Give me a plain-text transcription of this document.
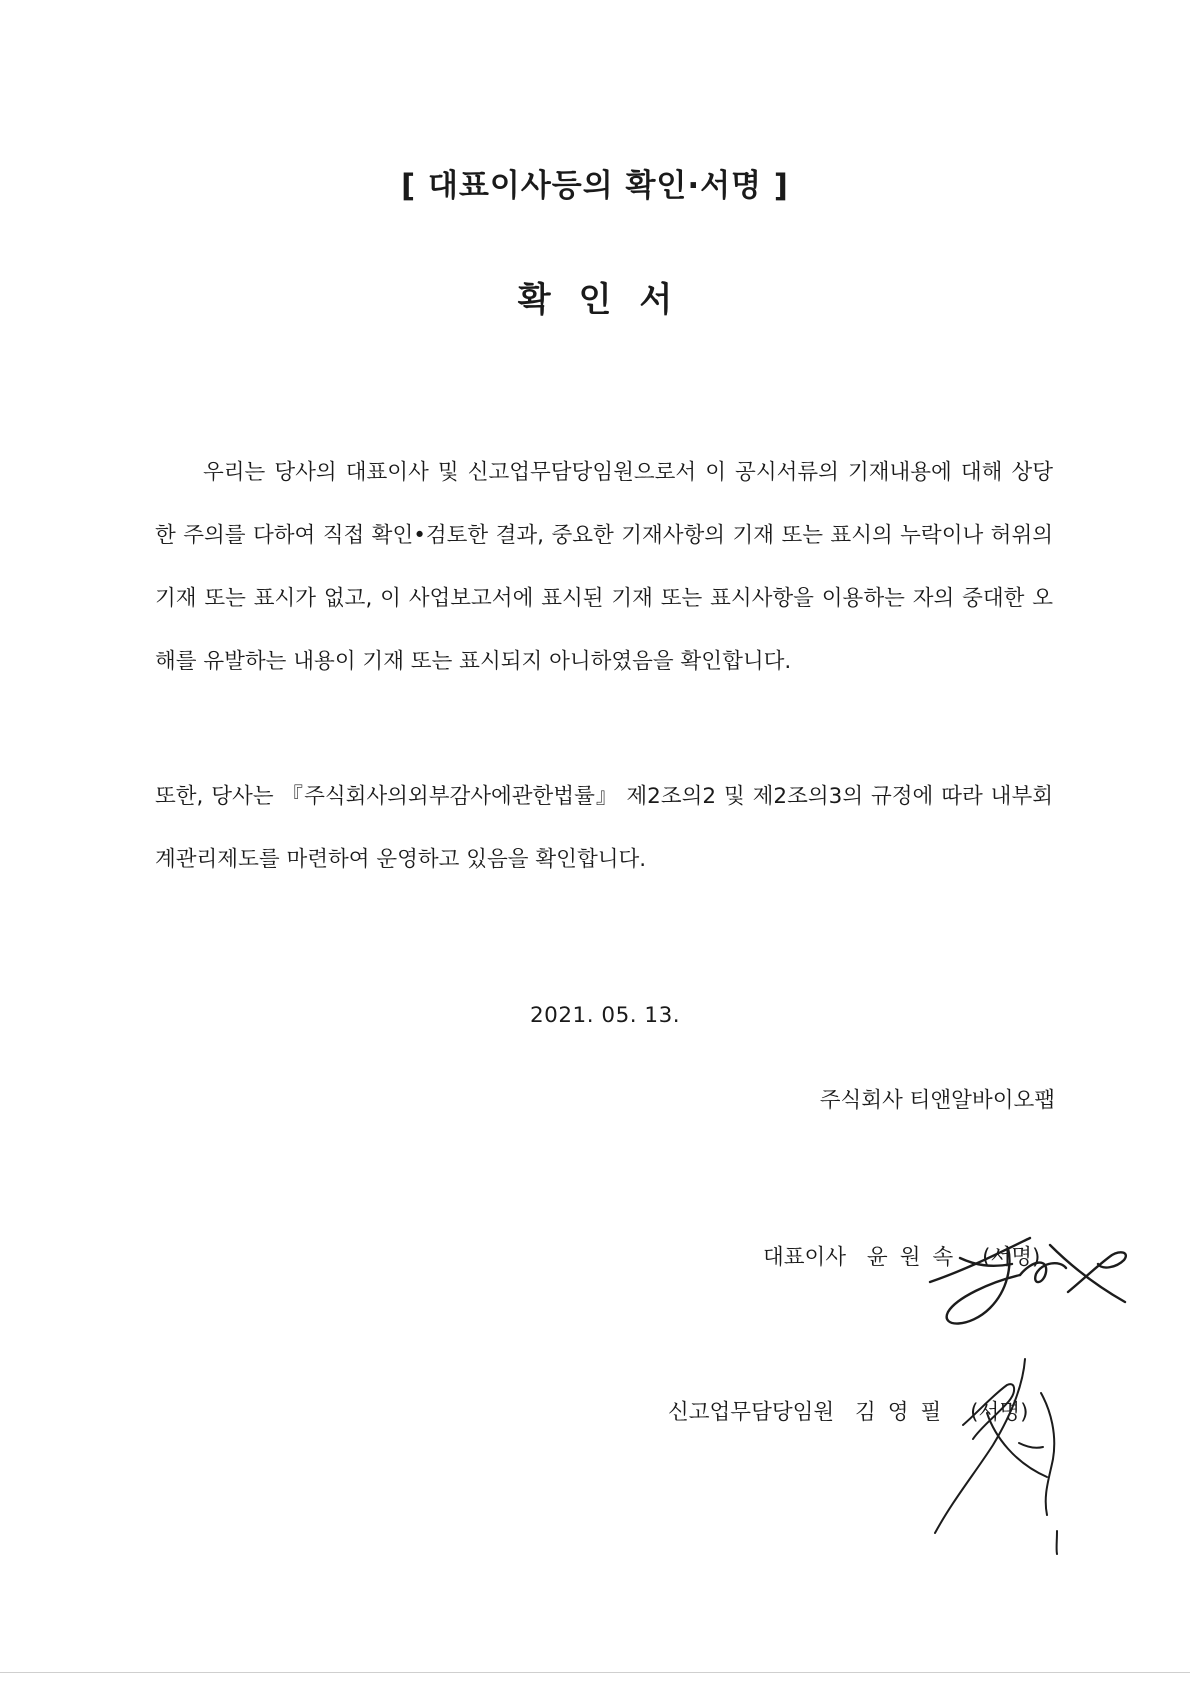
[ 대표이사등의 확인·서명 ]
확인서
우리는 당사의 대표이사 및 신고업무담당임원으로서 이 공시서류의 기재내용에 대해 상당한 주의를 다하여 직접 확인•검토한 결과, 중요한 기재사항의 기재 또는 표시의 누락이나 허위의 기재 또는 표시가 없고, 이 사업보고서에 표시된 기재 또는 표시사항을 이용하는 자의 중대한 오해를 유발하는 내용이 기재 또는 표시되지 아니하였음을 확인합니다.
또한, 당사는 『주식회사의외부감사에관한법률』 제2조의2 및 제2조의3의 규정에 따라 내부회계관리제도를 마련하여 운영하고 있음을 확인합니다.
2021. 05. 13.
주식회사 티앤알바이오팹
대표이사 윤원속 (서명)
신고업무담당임원 김영필 (서명)
